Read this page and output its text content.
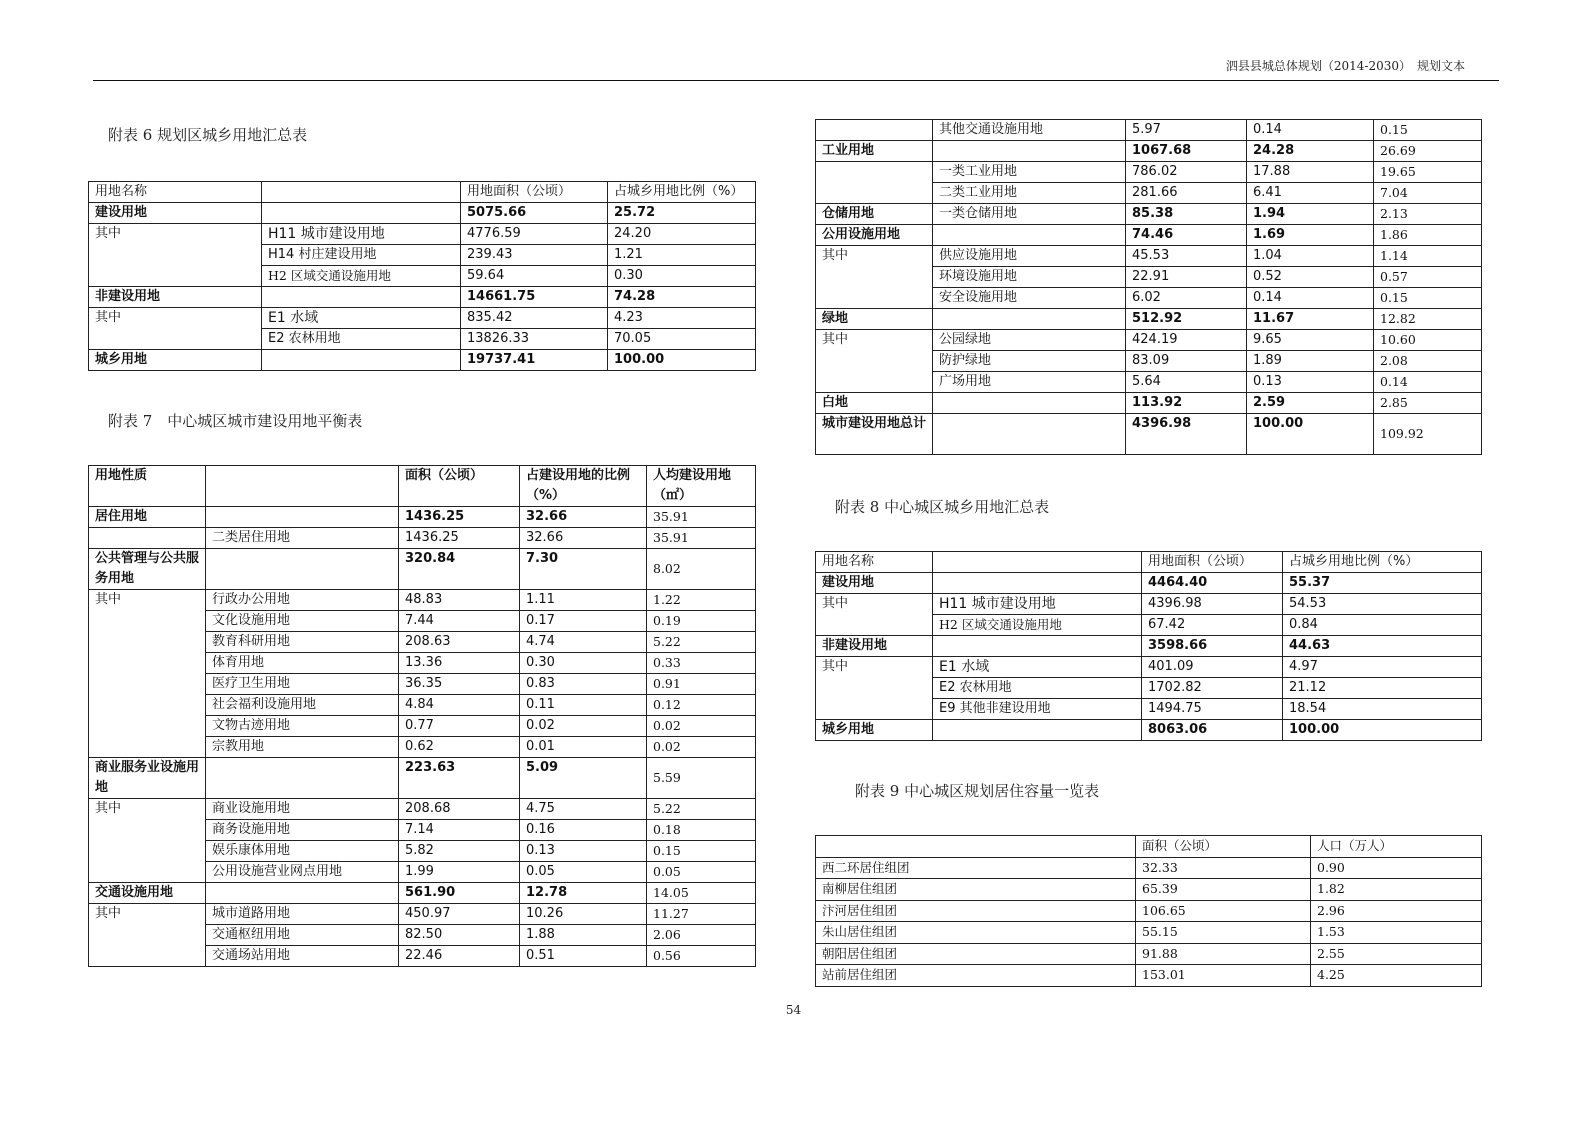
泗县县城总体规划（2014-2030）　规划文本
附表 6 规划区城乡用地汇总表
用地名称		用地面积（公顷）	占城乡用地比例（%）
建设用地		5075.66	25.72
其中	H11 城市建设用地	4776.59	24.20
	H14 村庄建设用地	239.43	1.21
	H2 区域交通设施用地	59.64	0.30
非建设用地		14661.75	74.28
其中	E1 水域	835.42	4.23
	E2 农林用地	13826.33	70.05
城乡用地		19737.41	100.00
附表 7　中心城区城市建设用地平衡表
用地性质		面积（公顷）	占建设用地的比例（%）	人均建设用地（㎡）
居住用地		1436.25	32.66	35.91
	二类居住用地	1436.25	32.66	35.91
公共管理与公共服务用地		320.84	7.30	8.02
其中	行政办公用地	48.83	1.11	1.22
	文化设施用地	7.44	0.17	0.19
	教育科研用地	208.63	4.74	5.22
	体育用地	13.36	0.30	0.33
	医疗卫生用地	36.35	0.83	0.91
	社会福利设施用地	4.84	0.11	0.12
	文物古迹用地	0.77	0.02	0.02
	宗教用地	0.62	0.01	0.02
商业服务业设施用地		223.63	5.09	5.59
其中	商业设施用地	208.68	4.75	5.22
	商务设施用地	7.14	0.16	0.18
	娱乐康体用地	5.82	0.13	0.15
	公用设施营业网点用地	1.99	0.05	0.05
交通设施用地		561.90	12.78	14.05
其中	城市道路用地	450.97	10.26	11.27
	交通枢纽用地	82.50	1.88	2.06
	交通场站用地	22.46	0.51	0.56
	其他交通设施用地	5.97	0.14	0.15
工业用地		1067.68	24.28	26.69
	一类工业用地	786.02	17.88	19.65
	二类工业用地	281.66	6.41	7.04
仓储用地	一类仓储用地	85.38	1.94	2.13
公用设施用地		74.46	1.69	1.86
其中	供应设施用地	45.53	1.04	1.14
	环境设施用地	22.91	0.52	0.57
	安全设施用地	6.02	0.14	0.15
绿地		512.92	11.67	12.82
其中	公园绿地	424.19	9.65	10.60
	防护绿地	83.09	1.89	2.08
	广场用地	5.64	0.13	0.14
白地		113.92	2.59	2.85
城市建设用地总计		4396.98	100.00	109.92
附表 8 中心城区城乡用地汇总表
用地名称		用地面积（公顷）	占城乡用地比例（%）
建设用地		4464.40	55.37
其中	H11 城市建设用地	4396.98	54.53
	H2 区域交通设施用地	67.42	0.84
非建设用地		3598.66	44.63
其中	E1 水域	401.09	4.97
	E2 农林用地	1702.82	21.12
	E9 其他非建设用地	1494.75	18.54
城乡用地		8063.06	100.00
附表 9 中心城区规划居住容量一览表
	面积（公顷）	人口（万人）
西二环居住组团	32.33	0.90
南柳居住组团	65.39	1.82
汴河居住组团	106.65	2.96
朱山居住组团	55.15	1.53
朝阳居住组团	91.88	2.55
站前居住组团	153.01	4.25
54
